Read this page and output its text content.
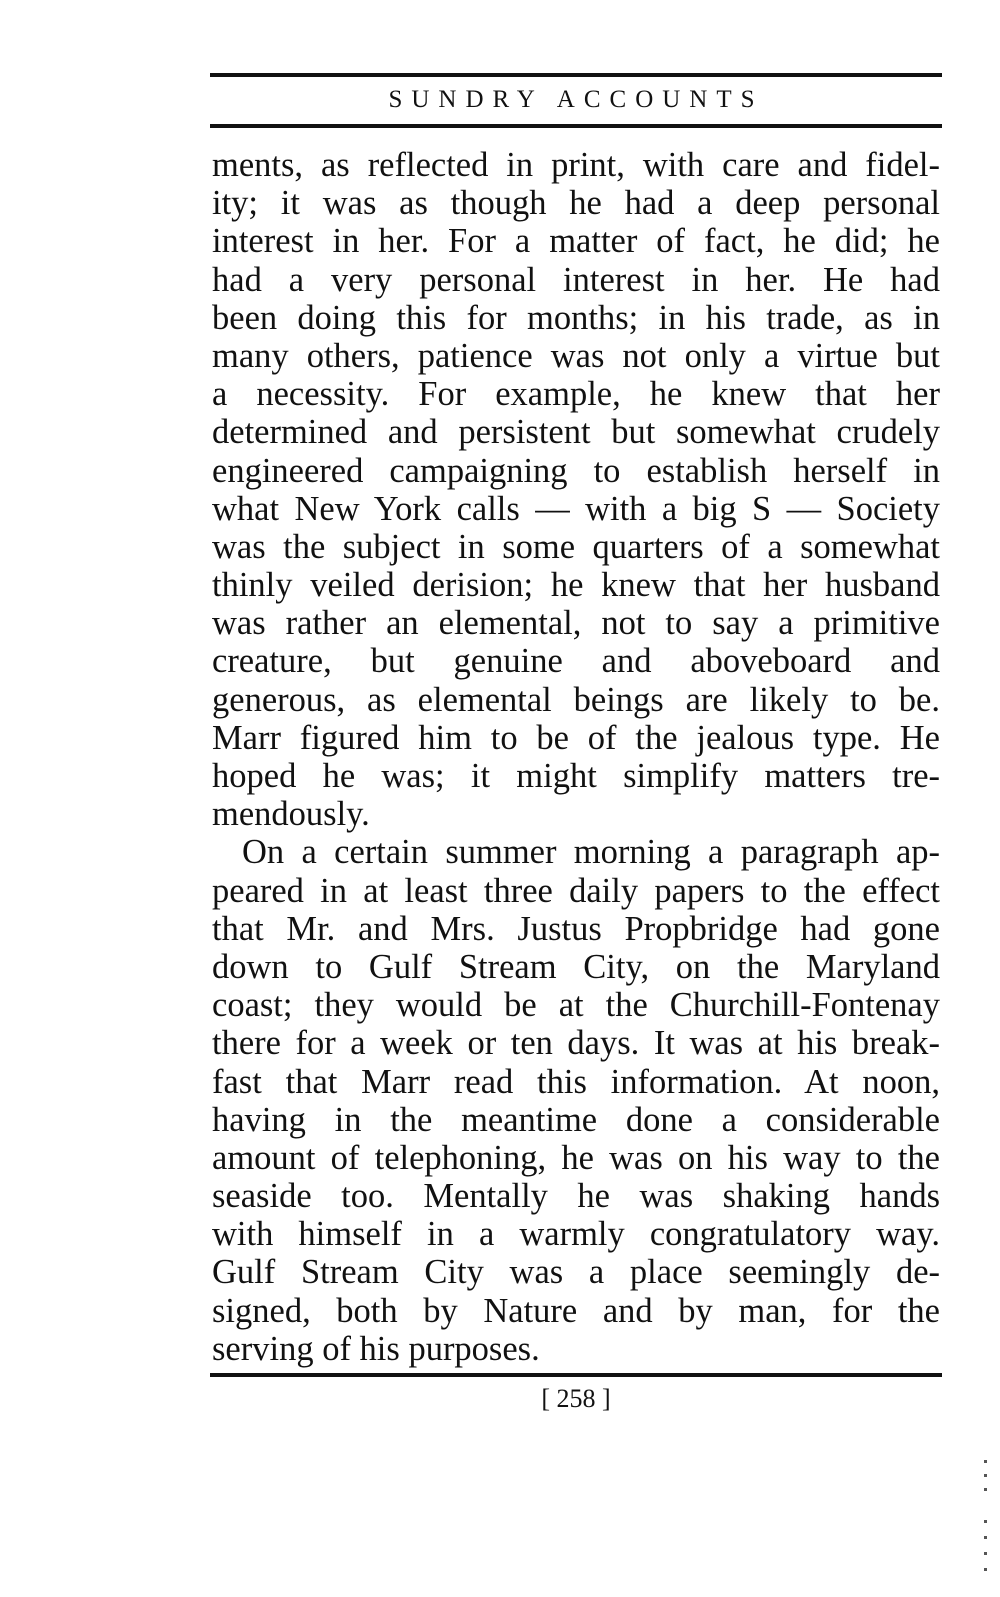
SUNDRY ACCOUNTS
ments, as reflected in print, with care and fidel-
ity; it was as though he had a deep personal
interest in her. For a matter of fact, he did; he
had a very personal interest in her. He had
been doing this for months; in his trade, as in
many others, patience was not only a virtue but
a necessity. For example, he knew that her
determined and persistent but somewhat crudely
engineered campaigning to establish herself in
what New York calls — with a big S — Society
was the subject in some quarters of a somewhat
thinly veiled derision; he knew that her husband
was rather an elemental, not to say a primitive
creature, but genuine and aboveboard and
generous, as elemental beings are likely to be.
Marr figured him to be of the jealous type. He
hoped he was; it might simplify matters tre-
mendously.
On a certain summer morning a paragraph ap-
peared in at least three daily papers to the effect
that Mr. and Mrs. Justus Propbridge had gone
down to Gulf Stream City, on the Maryland
coast; they would be at the Churchill-Fontenay
there for a week or ten days. It was at his break-
fast that Marr read this information. At noon,
having in the meantime done a considerable
amount of telephoning, he was on his way to the
seaside too. Mentally he was shaking hands
with himself in a warmly congratulatory way.
Gulf Stream City was a place seemingly de-
signed, both by Nature and by man, for the
serving of his purposes.
[ 258 ]
